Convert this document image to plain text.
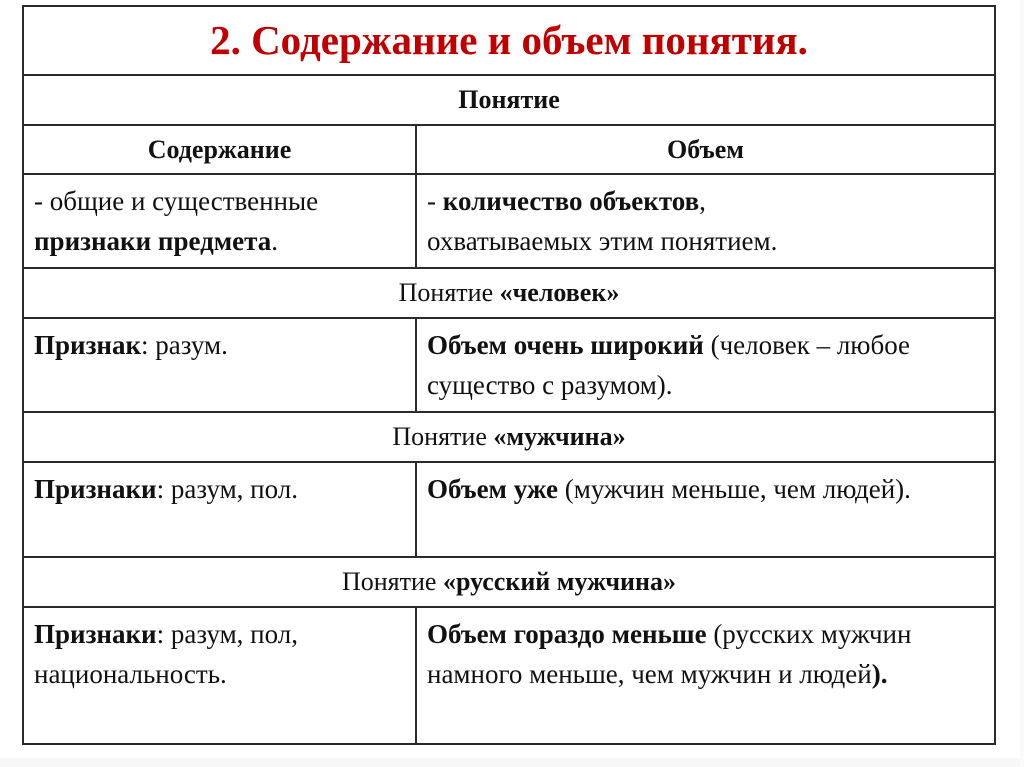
2. Содержание и объем понятия.	
Понятие	
Содержание	Объем
- общие и существенные признаки предмета.	- количество объектов,
охватываемых этим понятием.
Понятие «человек»	
Признак: разум.	Объем очень широкий (человек – любое существо с разумом).
Понятие «мужчина»	
Признаки: разум, пол.	Объем уже (мужчин меньше, чем людей).
Понятие «русский мужчина»	
Признаки: разум, пол, национальность.	Объем гораздо меньше (русских мужчин намного меньше, чем мужчин и людей).
